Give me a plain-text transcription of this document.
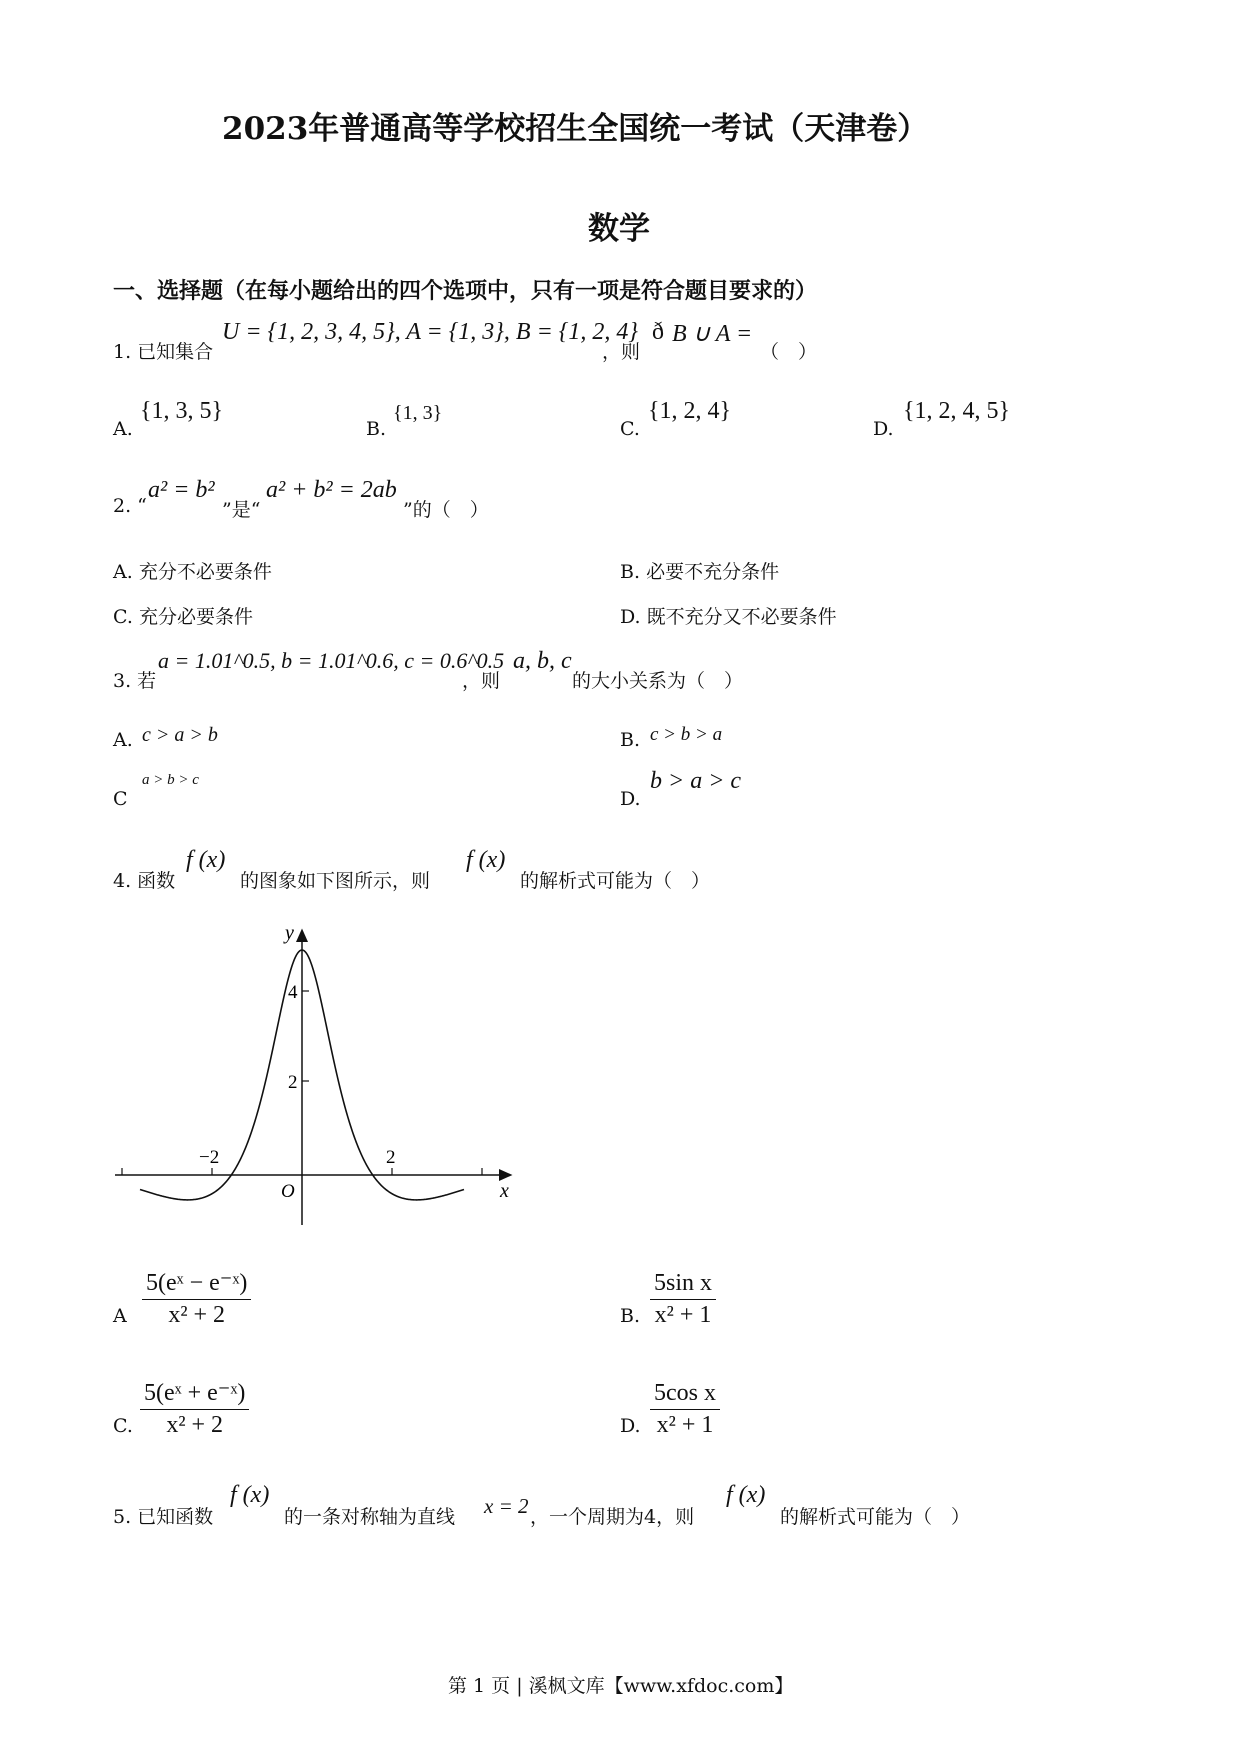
2023年普通高等学校招生全国统一考试（天津卷）
数学
一、选择题（在每小题给出的四个选项中，只有一项是符合题目要求的）
1. 已知集合
U = {1, 2, 3, 4, 5}, A = {1, 3}, B = {1, 2, 4}
，则
ð B ∪ A =
（　）
A.
{1, 3, 5}
B.
{1, 3}
C.
{1, 2, 4}
D.
{1, 2, 4, 5}
2. “
a² = b²
”是“
a² + b² = 2ab
”的（　）
A. 充分不必要条件	B. 必要不充分条件
C. 充分必要条件	D. 既不充分又不必要条件
3. 若
a = 1.01^0.5, b = 1.01^0.6, c = 0.6^0.5
，则
a, b, c
的大小关系为（　）
A. c > a > b	B. c > b > a
C
a > b > c
D.
b > a > c
4. 函数
f (x)
的图象如下图所示，则
f (x)
的解析式可能为（　）
y
x
O
4
2
−2	2
A $\frac{\text{5(eˣ − e⁻ˣ)}}{\text{x² + 2}}$	B. $\frac{\text{5sin x}}{\text{x² + 1}}$
C. $\frac{\text{5(eˣ + e⁻ˣ)}}{\text{x² + 2}}$	D. $\frac{\text{5cos x}}{\text{x² + 1}}$
5. 已知函数
f (x)
的一条对称轴为直线 x = 2 ，一个周期为4，则
f (x)
的解析式可能为（　）
第 1 页 | 溪枫文库【www.xfdoc.com】
